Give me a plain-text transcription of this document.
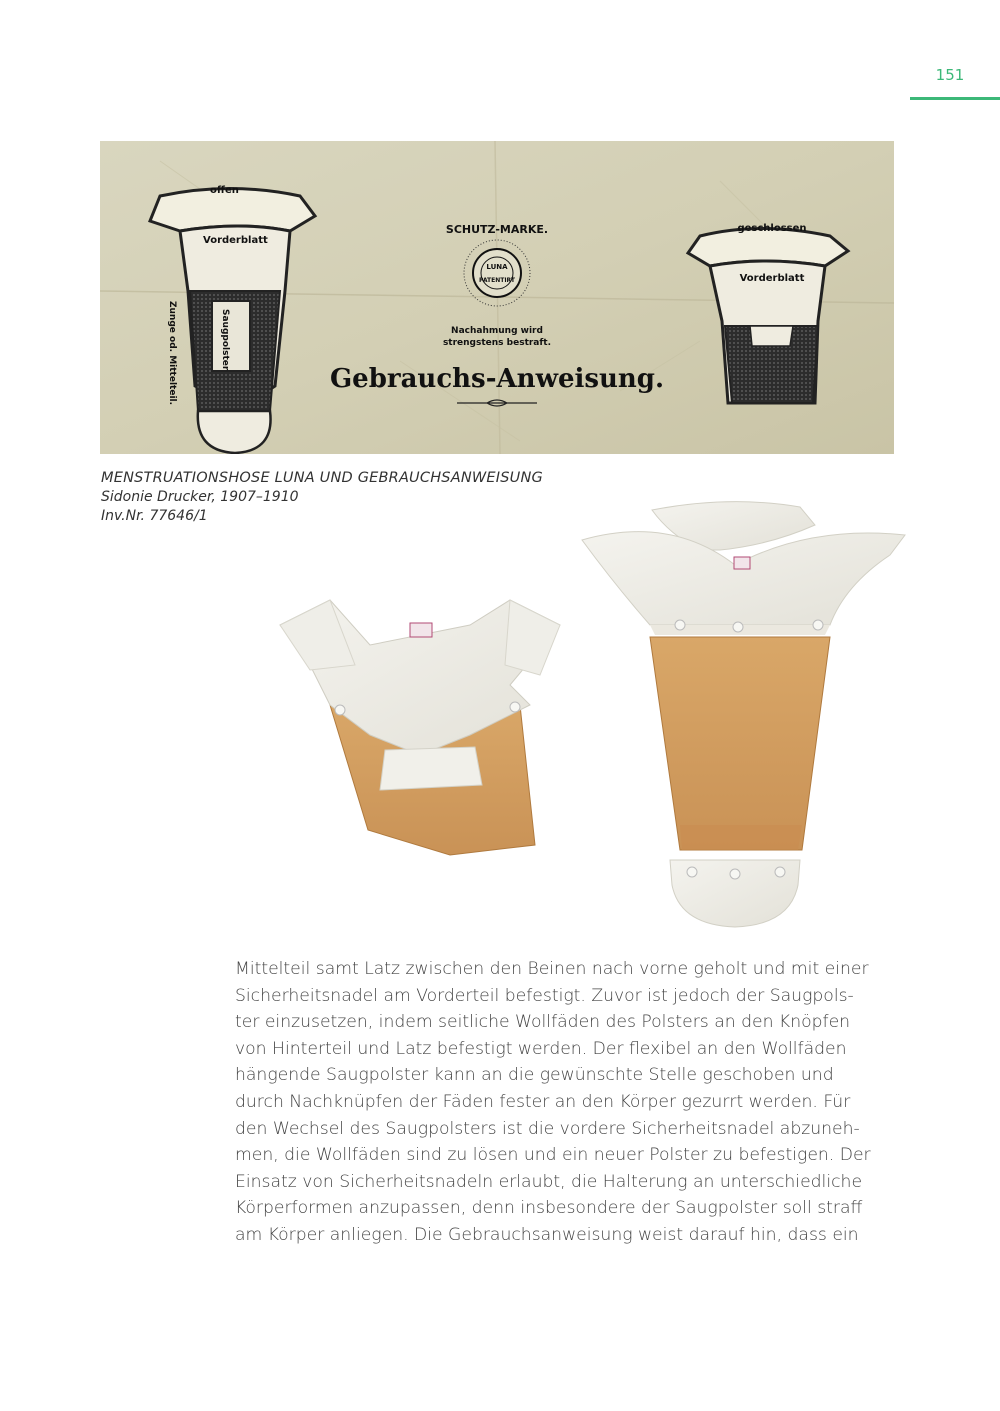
151
offen
Vorderblatt
Zunge od. Mittelteil.	Saugpolster
SCHUTZ-MARKE.
LUNA
PATENTIRT
Nachahmung wird
strengstens bestraft.
Gebrauchs-Anweisung.
geschlossen
Vorderblatt
MENSTRUATIONSHOSE LUNA UND GEBRAUCHSANWEISUNG
Sidonie Drucker, 1907–1910
Inv.Nr. 77646/1
Mittelteil samt Latz zwischen den Beinen nach vorne geholt und mit einer
Sicherheitsnadel am Vorderteil befestigt. Zuvor ist jedoch der Saugpols-
ter einzusetzen, indem seitliche Wollfäden des Polsters an den Knöpfen
von Hinterteil und Latz befestigt werden. Der flexibel an den Wollfäden
hängende Saugpolster kann an die gewünschte Stelle geschoben und
durch Nachknüpfen der Fäden fester an den Körper gezurrt werden. Für
den Wechsel des Saugpolsters ist die vordere Sicherheitsnadel abzuneh-
men, die Wollfäden sind zu lösen und ein neuer Polster zu befestigen. Der
Einsatz von Sicherheitsnadeln erlaubt, die Halterung an unterschiedliche
Körperformen anzupassen, denn insbesondere der Saugpolster soll straff
am Körper anliegen. Die Gebrauchsanweisung weist darauf hin, dass ein
